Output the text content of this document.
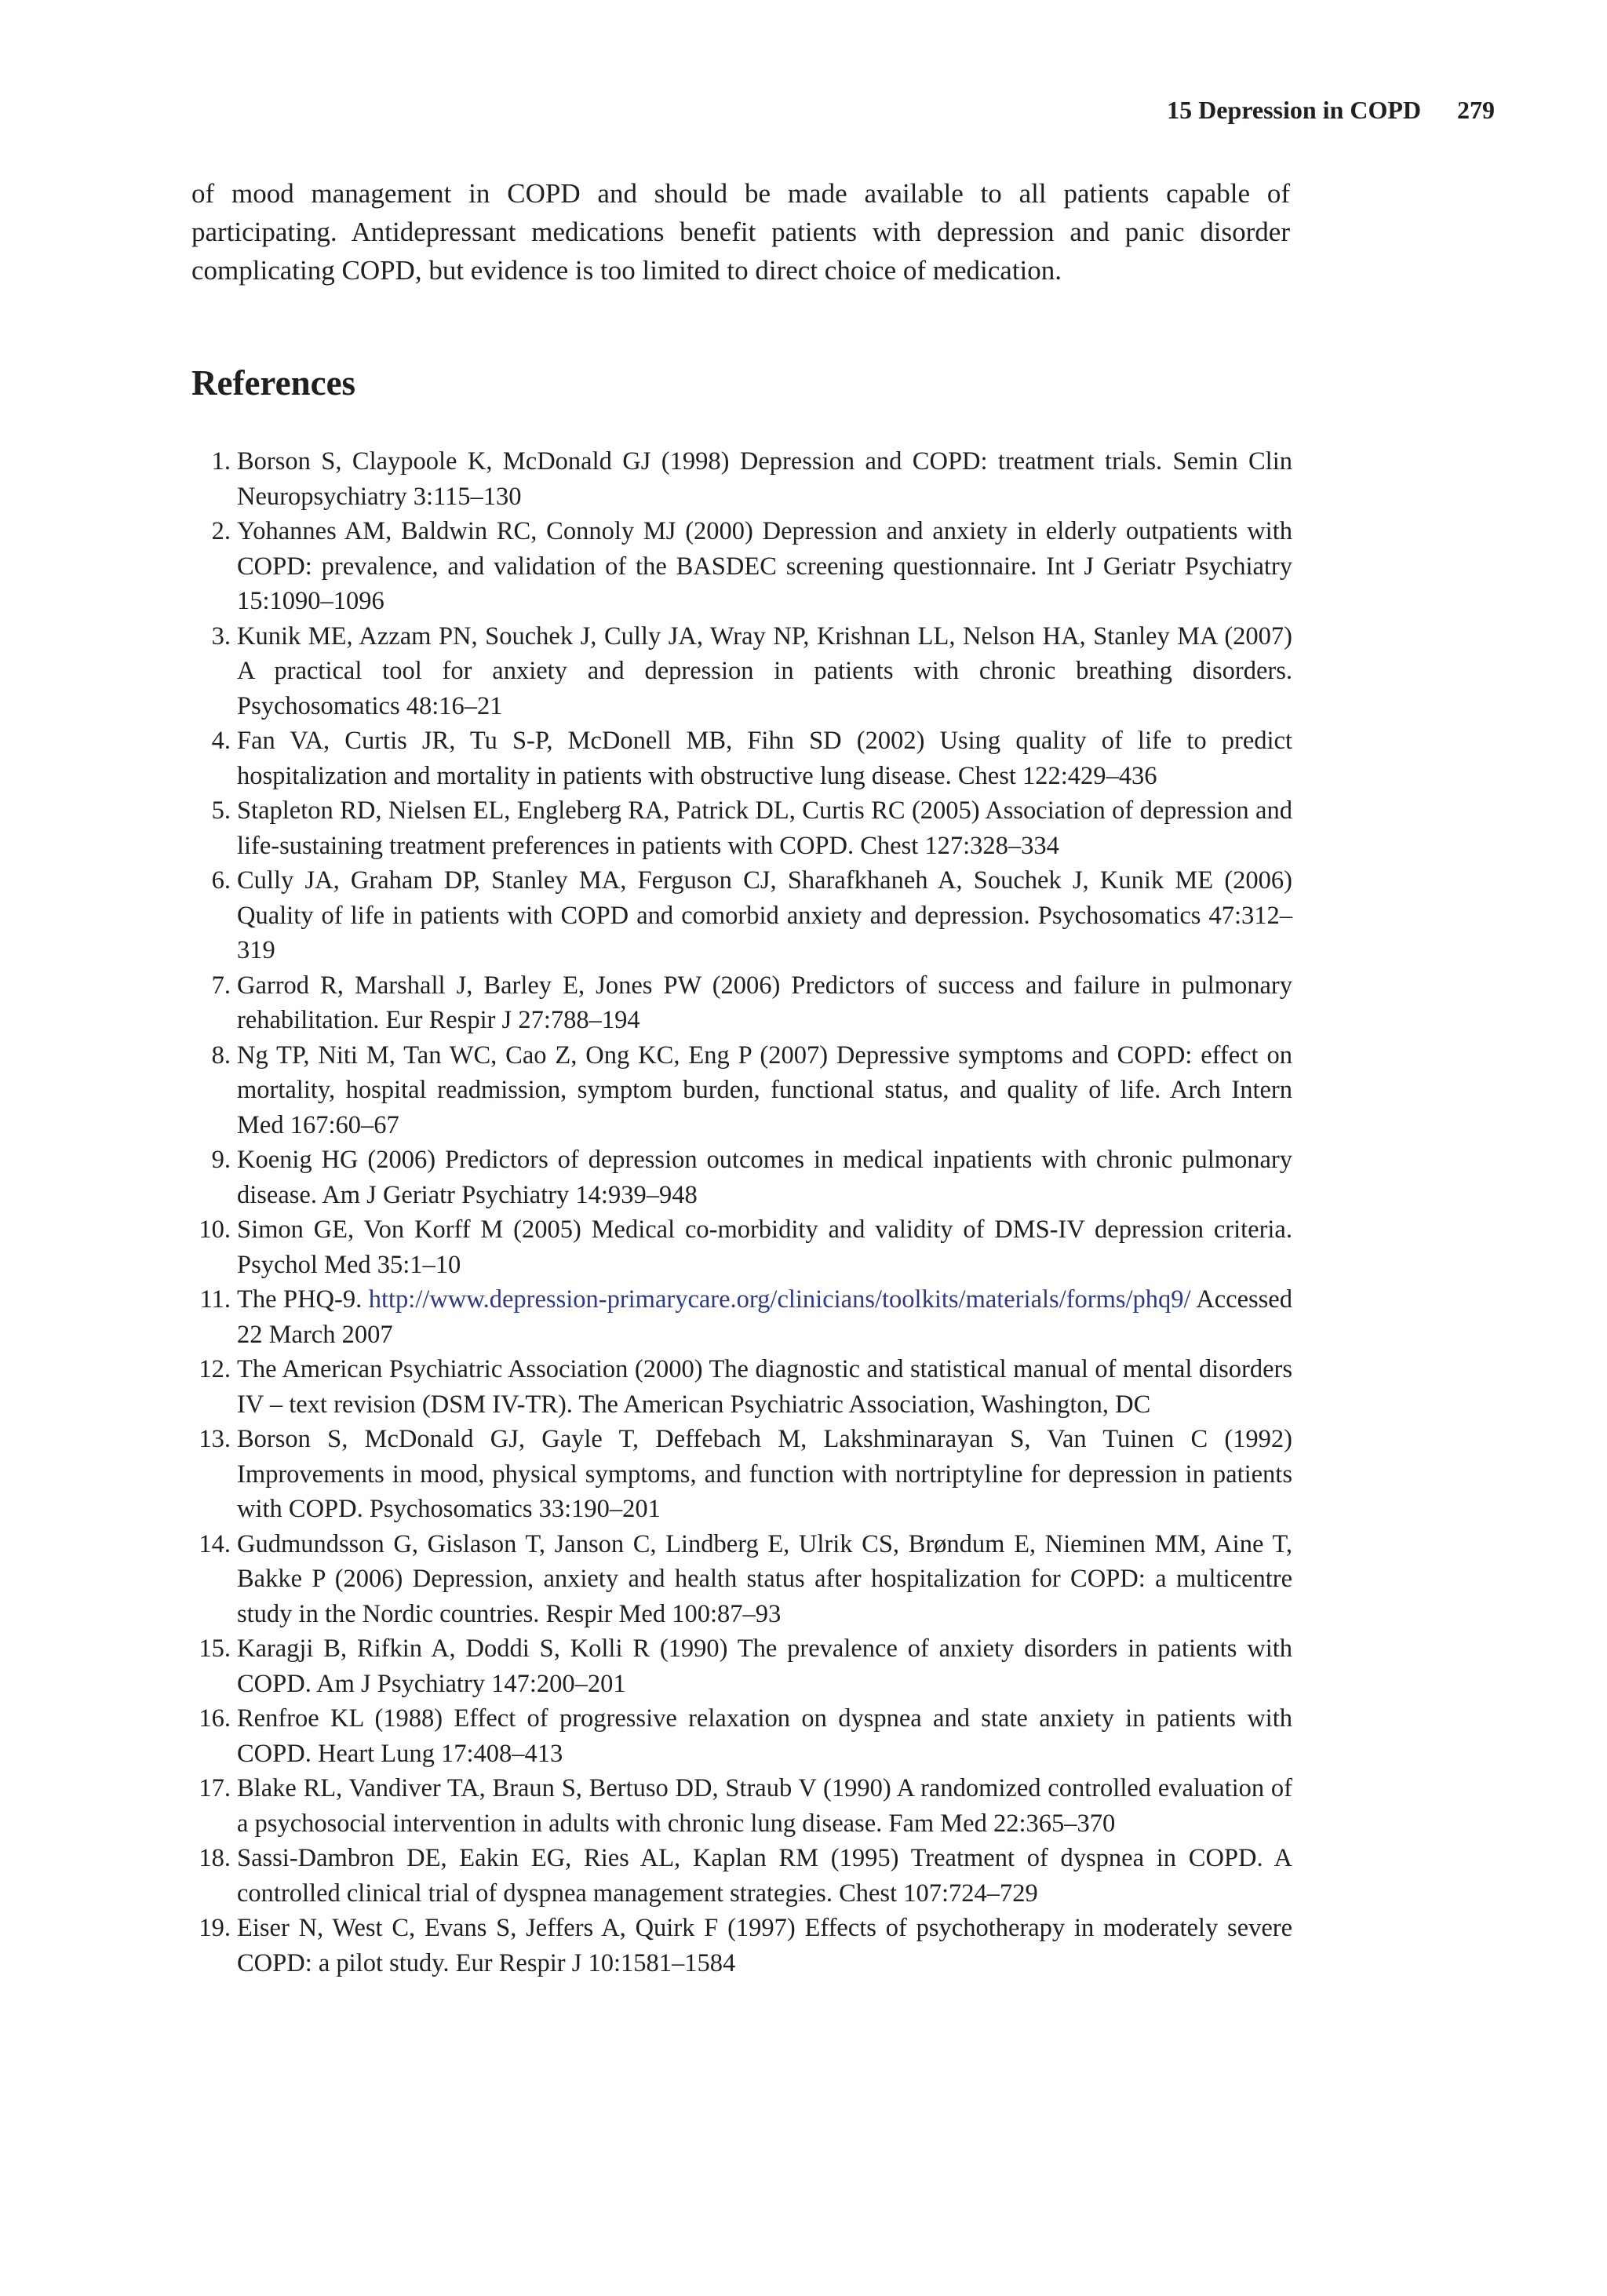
15 Depression in COPD 279

of mood management in COPD and should be made available to all patients capable of participating. Antidepressant medications benefit patients with depression and panic disorder complicating COPD, but evidence is too limited to direct choice of medication.

References
1. Borson S, Claypoole K, McDonald GJ (1998) Depression and COPD: treatment trials. Semin Clin Neuropsychiatry 3:115–130
2. Yohannes AM, Baldwin RC, Connoly MJ (2000) Depression and anxiety in elderly outpatients with COPD: prevalence, and validation of the BASDEC screening questionnaire. Int J Geriatr Psychiatry 15:1090–1096
3. Kunik ME, Azzam PN, Souchek J, Cully JA, Wray NP, Krishnan LL, Nelson HA, Stanley MA (2007) A practical tool for anxiety and depression in patients with chronic breathing disorders. Psychosomatics 48:16–21
4. Fan VA, Curtis JR, Tu S-P, McDonell MB, Fihn SD (2002) Using quality of life to predict hospitalization and mortality in patients with obstructive lung disease. Chest 122:429–436
5. Stapleton RD, Nielsen EL, Engleberg RA, Patrick DL, Curtis RC (2005) Association of depression and life-sustaining treatment preferences in patients with COPD. Chest 127:328–334
6. Cully JA, Graham DP, Stanley MA, Ferguson CJ, Sharafkhaneh A, Souchek J, Kunik ME (2006) Quality of life in patients with COPD and comorbid anxiety and depression. Psychosomatics 47:312–319
7. Garrod R, Marshall J, Barley E, Jones PW (2006) Predictors of success and failure in pulmonary rehabilitation. Eur Respir J 27:788–194
8. Ng TP, Niti M, Tan WC, Cao Z, Ong KC, Eng P (2007) Depressive symptoms and COPD: effect on mortality, hospital readmission, symptom burden, functional status, and quality of life. Arch Intern Med 167:60–67
9. Koenig HG (2006) Predictors of depression outcomes in medical inpatients with chronic pulmonary disease. Am J Geriatr Psychiatry 14:939–948
10. Simon GE, Von Korff M (2005) Medical co-morbidity and validity of DMS-IV depression criteria. Psychol Med 35:1–10
11. The PHQ-9. http://www.depression-primarycare.org/clinicians/toolkits/materials/forms/phq9/ Accessed 22 March 2007
12. The American Psychiatric Association (2000) The diagnostic and statistical manual of mental disorders IV – text revision (DSM IV-TR). The American Psychiatric Association, Washington, DC
13. Borson S, McDonald GJ, Gayle T, Deffebach M, Lakshminarayan S, Van Tuinen C (1992) Improvements in mood, physical symptoms, and function with nortriptyline for depression in patients with COPD. Psychosomatics 33:190–201
14. Gudmundsson G, Gislason T, Janson C, Lindberg E, Ulrik CS, Brøndum E, Nieminen MM, Aine T, Bakke P (2006) Depression, anxiety and health status after hospitalization for COPD: a multicentre study in the Nordic countries. Respir Med 100:87–93
15. Karagji B, Rifkin A, Doddi S, Kolli R (1990) The prevalence of anxiety disorders in patients with COPD. Am J Psychiatry 147:200–201
16. Renfroe KL (1988) Effect of progressive relaxation on dyspnea and state anxiety in patients with COPD. Heart Lung 17:408–413
17. Blake RL, Vandiver TA, Braun S, Bertuso DD, Straub V (1990) A randomized controlled evaluation of a psychosocial intervention in adults with chronic lung disease. Fam Med 22:365–370
18. Sassi-Dambron DE, Eakin EG, Ries AL, Kaplan RM (1995) Treatment of dyspnea in COPD. A controlled clinical trial of dyspnea management strategies. Chest 107:724–729
19. Eiser N, West C, Evans S, Jeffers A, Quirk F (1997) Effects of psychotherapy in moderately severe COPD: a pilot study. Eur Respir J 10:1581–1584
